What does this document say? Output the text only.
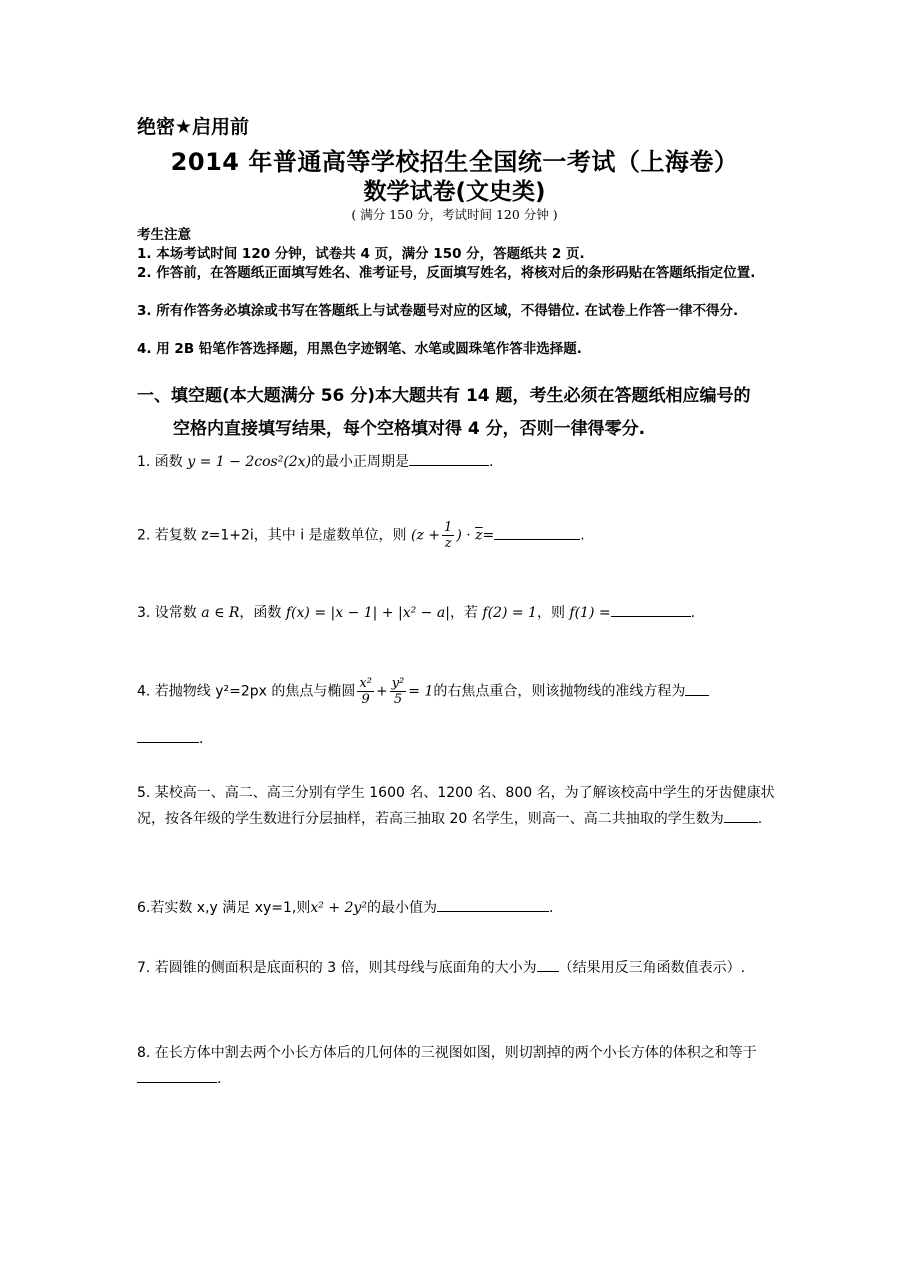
绝密★启用前
2014 年普通高等学校招生全国统一考试（上海卷）
数学试卷(文史类)
( 满分 150 分，考试时间 120 分钟 )
考生注意
1. 本场考试时间 120 分钟，试卷共 4 页，满分 150 分，答题纸共 2 页.
2. 作答前，在答题纸正面填写姓名、准考证号，反面填写姓名，将核对后的条形码贴在答题纸指定位置.
3. 所有作答务必填涂或书写在答题纸上与试卷题号对应的区域，不得错位. 在试卷上作答一律不得分.
4. 用 2B 铅笔作答选择题，用黑色字迹钢笔、水笔或圆珠笔作答非选择题.
一、填空题(本大题满分 56 分)本大题共有 14 题，考生必须在答题纸相应编号的
空格内直接填写结果，每个空格填对得 4 分，否则一律得零分.
1. 函数 y = 1 − 2cos²(2x)的最小正周期是	.
2. 若复数 z=1+2i，其中 i 是虚数单位，则 ($z + \frac{1}{z}$ ) · $\overline{z}=$	.
3. 设常数 a ∈ R，函数 f(x) = |x − 1| + |x² − a|，若 f(2) = 1，则 f(1) =	.
4. 若抛物线 y²=2px 的焦点与椭圆 $\frac{\text{x²}}{9} + \frac{\text{y²}}{5} = 1$的右焦点重合，则该抛物线的准线方程为
.
5. 某校高一、高二、高三分别有学生 1600 名、1200 名、800 名，为了解该校高中学生的牙齿健康状况，按各年级的学生数进行分层抽样，若高三抽取 20 名学生，则高一、高二共抽取的学生数为 .
6.若实数 x,y 满足 xy=1,则x² + 2y²的最小值为	.
7. 若圆锥的侧面积是底面积的 3 倍，则其母线与底面角的大小为 （结果用反三角函数值表示）.
8. 在长方体中割去两个小长方体后的几何体的三视图如图，则切割掉的两个小长方体的体积之和等于.
